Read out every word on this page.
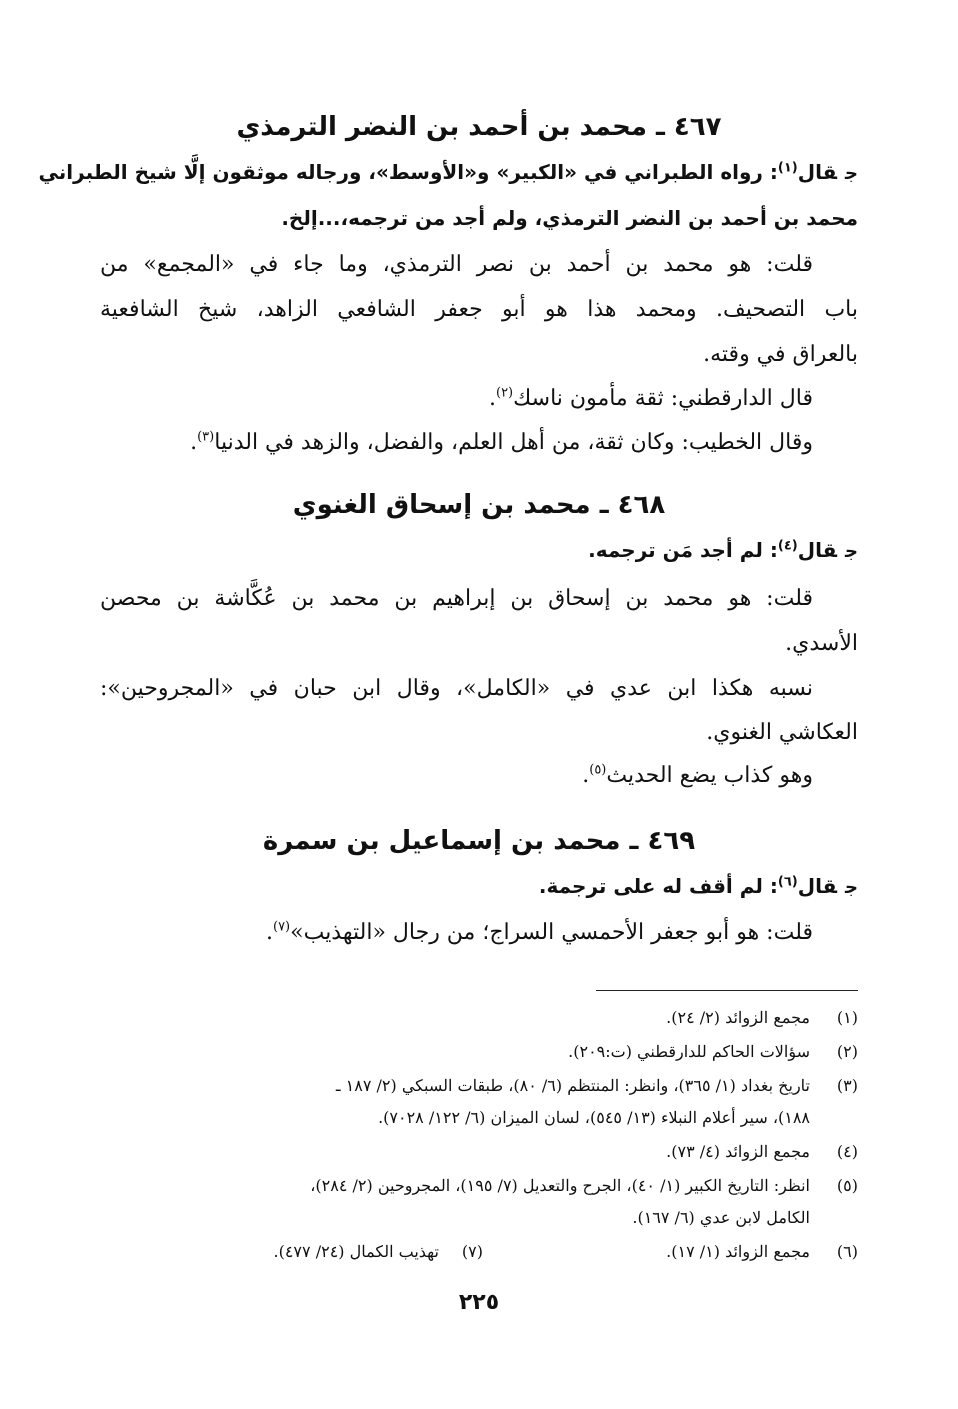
٤٦٧ ـ محمد بن أحمد بن النضر الترمذي
جقال$^{(١)}$: رواه الطبراني في «الكبير» و«الأوسط»، ورجاله موثقون إلَّا شيخ الطبراني
محمد بن أحمد بن النضر الترمذي، ولم أجد من ترجمه،...إلخ.
قلت: هو محمد بن أحمد بن نصر الترمذي، وما جاء في «المجمع» من
باب التصحيف. ومحمد هذا هو أبو جعفر الشافعي الزاهد، شيخ الشافعية
بالعراق في وقته.
قال الدارقطني: ثقة مأمون ناسك$^{(٢)}$.
وقال الخطيب: وكان ثقة، من أهل العلم، والفضل، والزهد في الدنيا$^{(٣)}$.
٤٦٨ ـ محمد بن إسحاق الغنوي
جقال$^{(٤)}$: لم أجد مَن ترجمه.
قلت: هو محمد بن إسحاق بن إبراهيم بن محمد بن عُكَّاشة بن محصن
الأسدي.
نسبه هكذا ابن عدي في «الكامل»، وقال ابن حبان في «المجروحين»:
العكاشي الغنوي.
وهو كذاب يضع الحديث$^{(٥)}$.
٤٦٩ ـ محمد بن إسماعيل بن سمرة
جقال$^{(٦)}$: لم أقف له على ترجمة.
قلت: هو أبو جعفر الأحمسي السراج؛ من رجال «التهذيب»$^{(٧)}$.
(١)مجمع الزوائد (٢/ ٢٤).
(٢)سؤالات الحاكم للدارقطني (ت:٢٠٩).
(٣)تاريخ بغداد (١/ ٣٦٥)، وانظر: المنتظم (٦/ ٨٠)، طبقات السبكي (٢/ ١٨٧ ـ
١٨٨)، سير أعلام النبلاء (١٣/ ٥٤٥)، لسان الميزان (٦/ ١٢٢/ ٧٠٢٨).
(٤)مجمع الزوائد (٤/ ٧٣).
(٥)انظر: التاريخ الكبير (١/ ٤٠)، الجرح والتعديل (٧/ ١٩٥)، المجروحين (٢/ ٢٨٤)،
الكامل لابن عدي (٦/ ١٦٧).
(٦)مجمع الزوائد (١/ ١٧).
(٧)تهذيب الكمال (٢٤/ ٤٧٧).
٢٢٥
